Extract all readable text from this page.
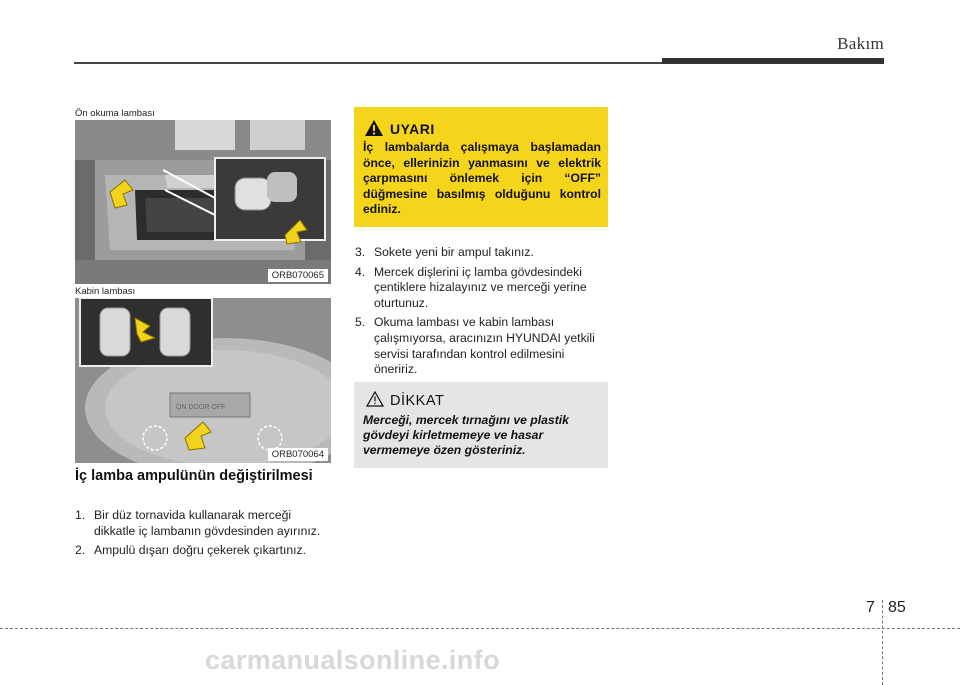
Bakım
Ön okuma lambası
ORB070065
Kabin lambası
ON DOOR OFF
ORB070064
İç lamba ampulünün değiştirilmesi
1. Bir düz tornavida kullanarak merceği dikkatle iç lambanın gövdesinden ayırınız.
2. Ampulü dışarı doğru çekerek çıkartınız.
UYARI
İç lambalarda çalışmaya başlamadan önce, ellerinizin yanmasını ve elektrik çarpmasını önlemek için “OFF” düğmesine basılmış olduğunu kontrol ediniz.
3. Sokete yeni bir ampul takınız.
4. Mercek dişlerini iç lamba gövdesindeki çentiklere hizalayınız ve merceği yerine oturtunuz.
5. Okuma lambası ve kabin lambası çalışmıyorsa, aracınızın HYUNDAI yetkili servisi tarafından kontrol edilmesini öneririz.
DİKKAT
Merceği, mercek tırnağını ve plastik gövdeyi kirletmemeye ve hasar vermemeye özen gösteriniz.
7 85
carmanualsonline.info
